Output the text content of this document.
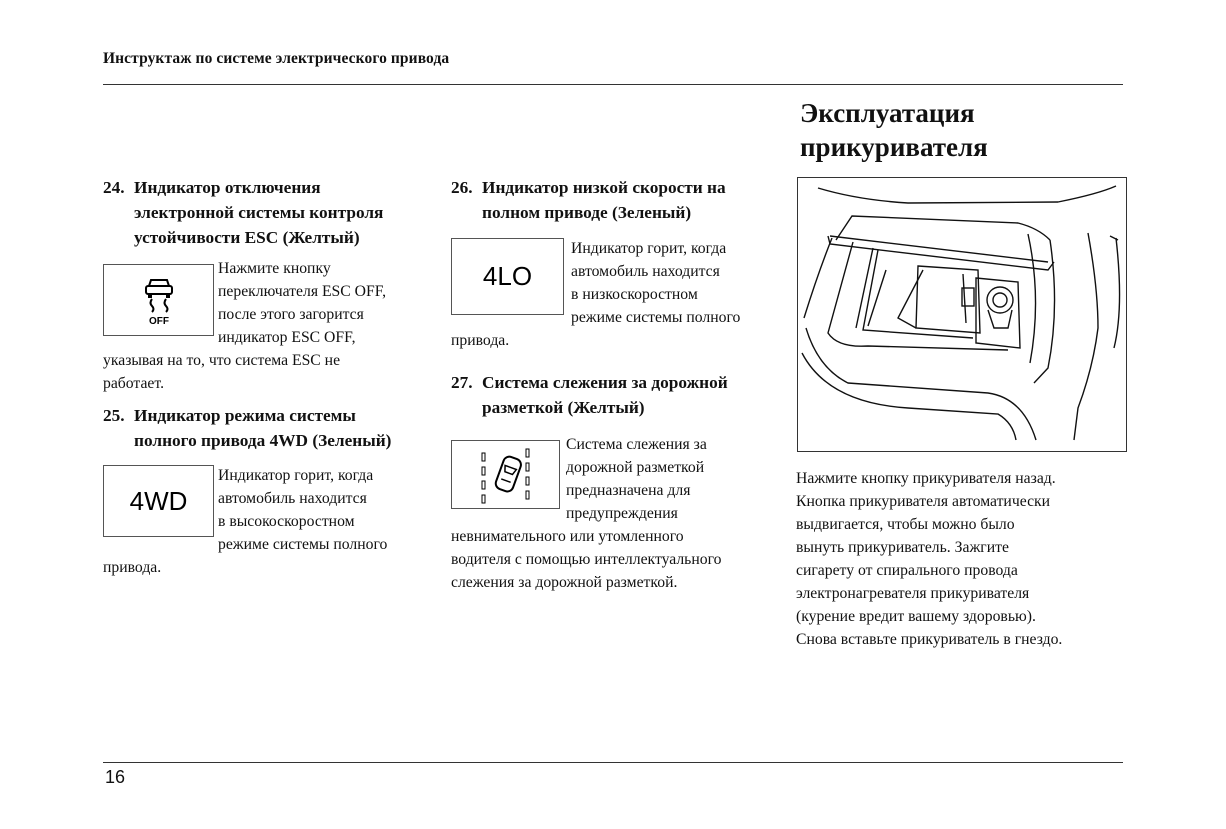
Инструктаж по системе электрического привода
24. Индикатор отключения
электронной системы контроля
устойчивости ESC (Желтый)
OFF
Нажмите кнопку
переключателя ESC OFF,
после этого загорится
индикатор ESC OFF,
указывая на то, что система ESC не
работает.
25. Индикатор режима системы
полного привода 4WD (Зеленый)
4WD
Индикатор горит, когда
автомобиль находится
в высокоскоростном
режиме системы полного
привода.
26. Индикатор низкой скорости на
полном приводе (Зеленый)
4LO
Индикатор горит, когда
автомобиль находится
в низкоскоростном
режиме системы полного
привода.
27. Система слежения за дорожной
разметкой (Желтый)
Система слежения за
дорожной разметкой
предназначена для
предупреждения
невнимательного или утомленного
водителя с помощью интеллектуального
слежения за дорожной разметкой.
Эксплуатация
прикуривателя
Нажмите кнопку прикуривателя назад.
Кнопка прикуривателя автоматически
выдвигается, чтобы можно было
вынуть прикуриватель. Зажгите
сигарету от спирального провода
электронагревателя прикуривателя
(курение вредит вашему здоровью).
Снова вставьте прикуриватель в гнездо.
16
